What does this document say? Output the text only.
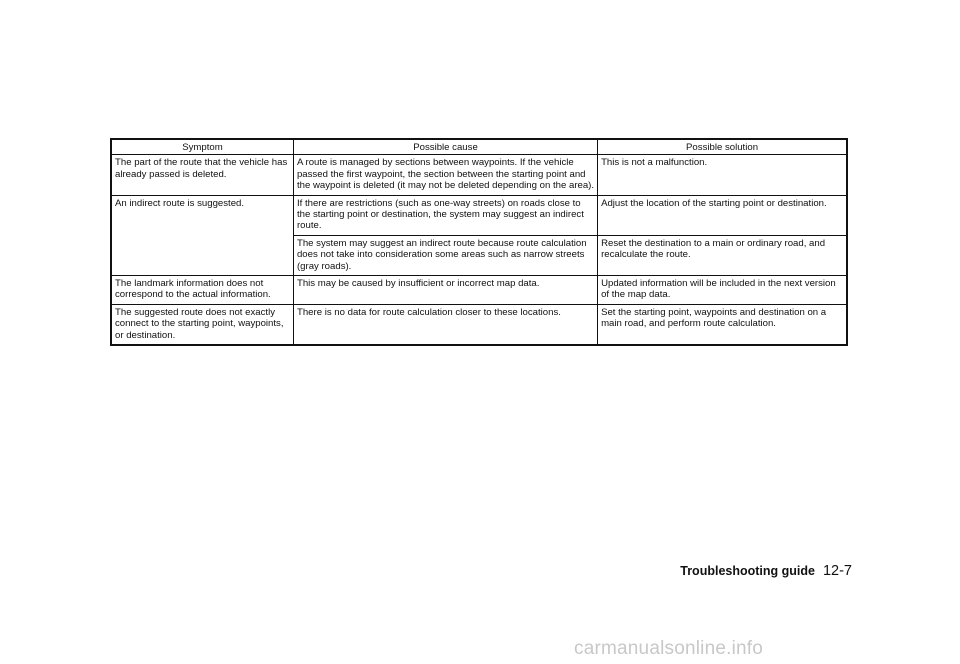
Symptom	Possible cause	Possible solution
The part of the route that the vehicle has already passed is deleted.	A route is managed by sections between waypoints. If the vehicle passed the first waypoint, the section between the starting point and the waypoint is deleted (it may not be deleted depending on the area).	This is not a malfunction.
An indirect route is suggested.	If there are restrictions (such as one-way streets) on roads close to the starting point or destination, the system may suggest an indirect route.	Adjust the location of the starting point or destination.
	The system may suggest an indirect route because route calculation does not take into consideration some areas such as narrow streets (gray roads).	Reset the destination to a main or ordinary road, and recalculate the route.
The landmark information does not correspond to the actual information.	This may be caused by insufficient or incorrect map data.	Updated information will be included in the next version of the map data.
The suggested route does not exactly connect to the starting point, waypoints, or destination.	There is no data for route calculation closer to these locations.	Set the starting point, waypoints and destination on a main road, and perform route calculation.
Troubleshooting guide 12-7
carmanualsonline.info
